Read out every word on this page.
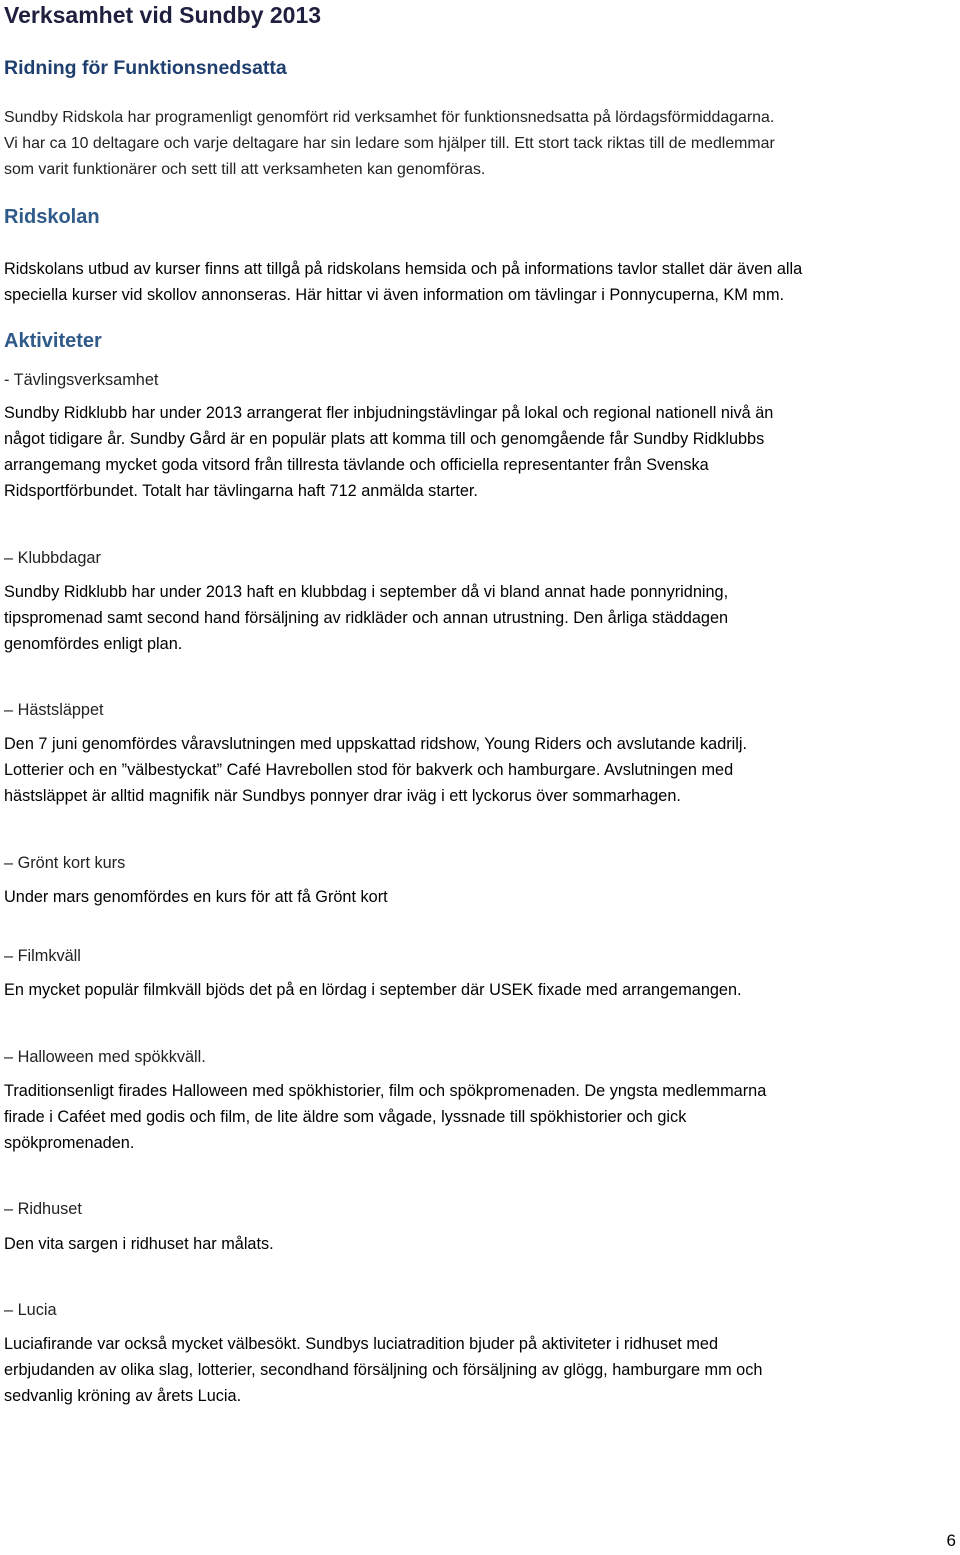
Verksamhet vid Sundby 2013
Ridning för Funktionsnedsatta

Sundby Ridskola har programenligt genomfört rid verksamhet för funktionsnedsatta på lördagsförmiddagarna.
Vi har ca 10 deltagare och varje deltagare har sin ledare som hjälper till. Ett stort tack riktas till de medlemmar
som varit funktionärer och sett till att verksamheten kan genomföras.

Ridskolan

Ridskolans utbud av kurser finns att tillgå på ridskolans hemsida och på informations tavlor stallet där även alla
speciella kurser vid skollov annonseras. Här hittar vi även information om tävlingar i Ponnycuperna, KM mm.

Aktiviteter
- Tävlingsverksamhet

Sundby Ridklubb har under 2013 arrangerat fler inbjudningstävlingar på lokal och regional nationell nivå än
något tidigare år. Sundby Gård är en populär plats att komma till och genomgående får Sundby Ridklubbs
arrangemang mycket goda vitsord från tillresta tävlande och officiella representanter från Svenska
Ridsportförbundet. Totalt har tävlingarna haft 712 anmälda starter.

– Klubbdagar

Sundby Ridklubb har under 2013 haft en klubbdag i september då vi bland annat hade ponnyridning,
tipspromenad samt second hand försäljning av ridkläder och annan utrustning. Den årliga städdagen
genomfördes enligt plan.

– Hästsläppet

Den 7 juni genomfördes våravslutningen med uppskattad ridshow, Young Riders och avslutande kadrilj.
Lotterier och en ”välbestyckat” Café Havrebollen stod för bakverk och hamburgare. Avslutningen med
hästsläppet är alltid magnifik när Sundbys ponnyer drar iväg i ett lyckorus över sommarhagen.

– Grönt kort kurs

Under mars genomfördes en kurs för att få Grönt kort

– Filmkväll

En mycket populär filmkväll bjöds det på en lördag i september där USEK fixade med arrangemangen.

– Halloween med spökkväll.

Traditionsenligt firades Halloween med spökhistorier, film och spökpromenaden. De yngsta medlemmarna
firade i Caféet med godis och film, de lite äldre som vågade, lyssnade till spökhistorier och gick
spökpromenaden.

– Ridhuset

Den vita sargen i ridhuset har målats.

– Lucia

Luciafirande var också mycket välbesökt. Sundbys luciatradition bjuder på aktiviteter i ridhuset med
erbjudanden av olika slag, lotterier, secondhand försäljning och försäljning av glögg, hamburgare mm och
sedvanlig kröning av årets Lucia.

6
